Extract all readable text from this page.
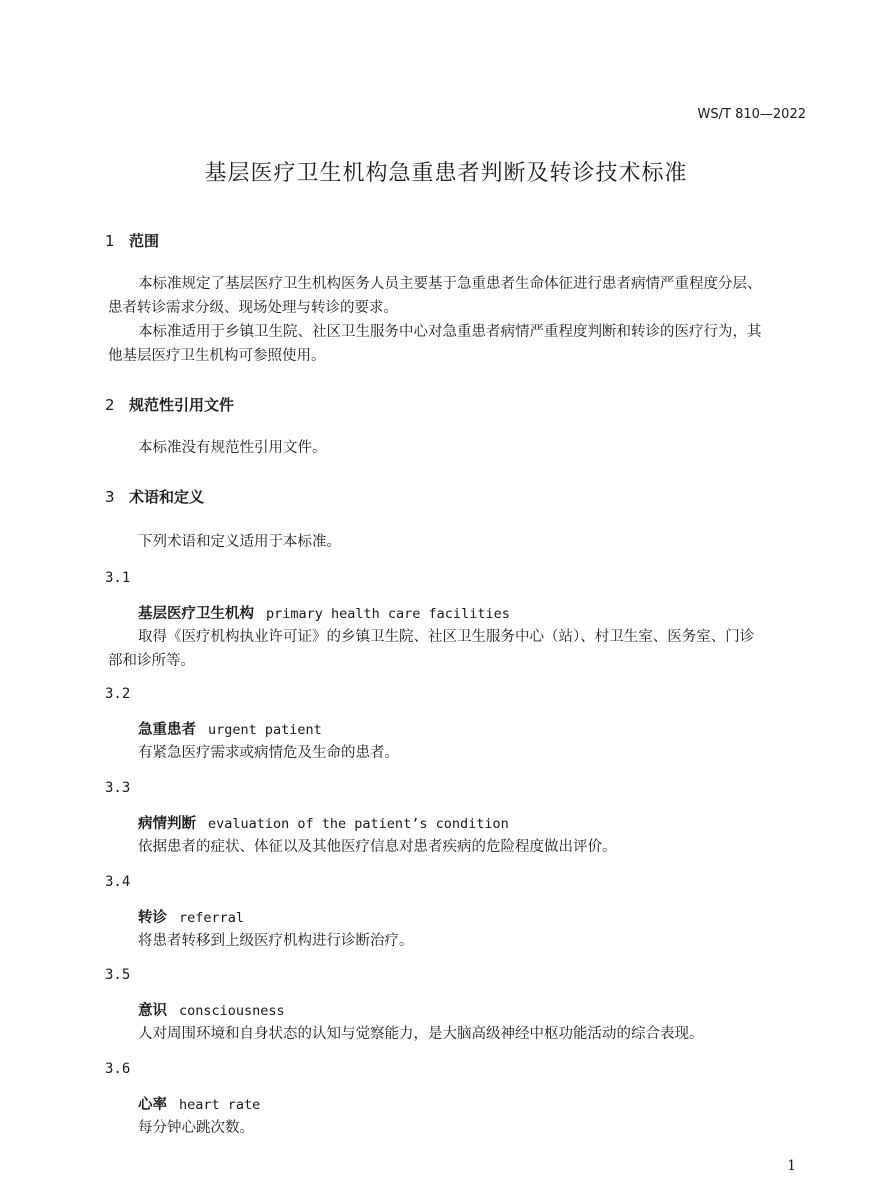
WS/T 810—2022
基层医疗卫生机构急重患者判断及转诊技术标准
1 范围
本标准规定了基层医疗卫生机构医务人员主要基于急重患者生命体征进行患者病情严重程度分层、
患者转诊需求分级、现场处理与转诊的要求。
本标准适用于乡镇卫生院、社区卫生服务中心对急重患者病情严重程度判断和转诊的医疗行为，其
他基层医疗卫生机构可参照使用。
2 规范性引用文件
本标准没有规范性引用文件。
3 术语和定义
下列术语和定义适用于本标准。
3.1
基层医疗卫生机构 primary health care facilities
取得《医疗机构执业许可证》的乡镇卫生院、社区卫生服务中心（站）、村卫生室、医务室、门诊
部和诊所等。
3.2
急重患者 urgent patient
有紧急医疗需求或病情危及生命的患者。
3.3
病情判断 evaluation of the patient’s condition
依据患者的症状、体征以及其他医疗信息对患者疾病的危险程度做出评价。
3.4
转诊 referral
将患者转移到上级医疗机构进行诊断治疗。
3.5
意识 consciousness
人对周围环境和自身状态的认知与觉察能力，是大脑高级神经中枢功能活动的综合表现。
3.6
心率 heart rate
每分钟心跳次数。
1
